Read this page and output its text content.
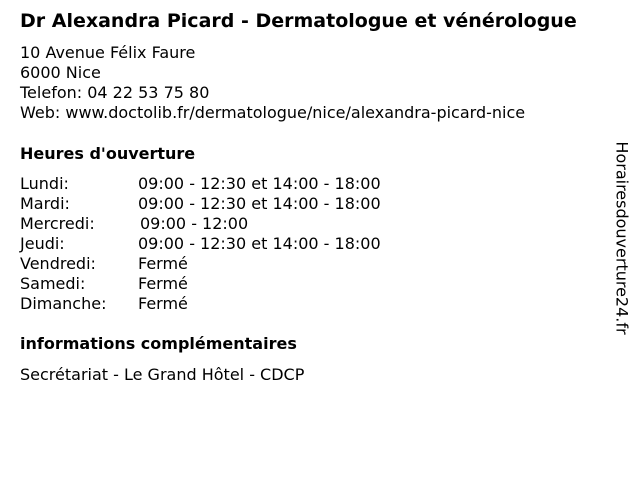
Dr Alexandra Picard - Dermatologue et vénérologue
10 Avenue Félix Faure
6000 Nice
Telefon: 04 22 53 75 80
Web: www.doctolib.fr/dermatologue/nice/alexandra-picard-nice
Heures d'ouverture
Lundi:	09:00 - 12:30 et 14:00 - 18:00
Mardi:	09:00 - 12:30 et 14:00 - 18:00
Mercredi:	09:00 - 12:00
Jeudi:	09:00 - 12:30 et 14:00 - 18:00
Vendredi:	Fermé
Samedi:	Fermé
Dimanche: Fermé
informations complémentaires
Secrétariat - Le Grand Hôtel - CDCP
Horairesdouverture24.fr
